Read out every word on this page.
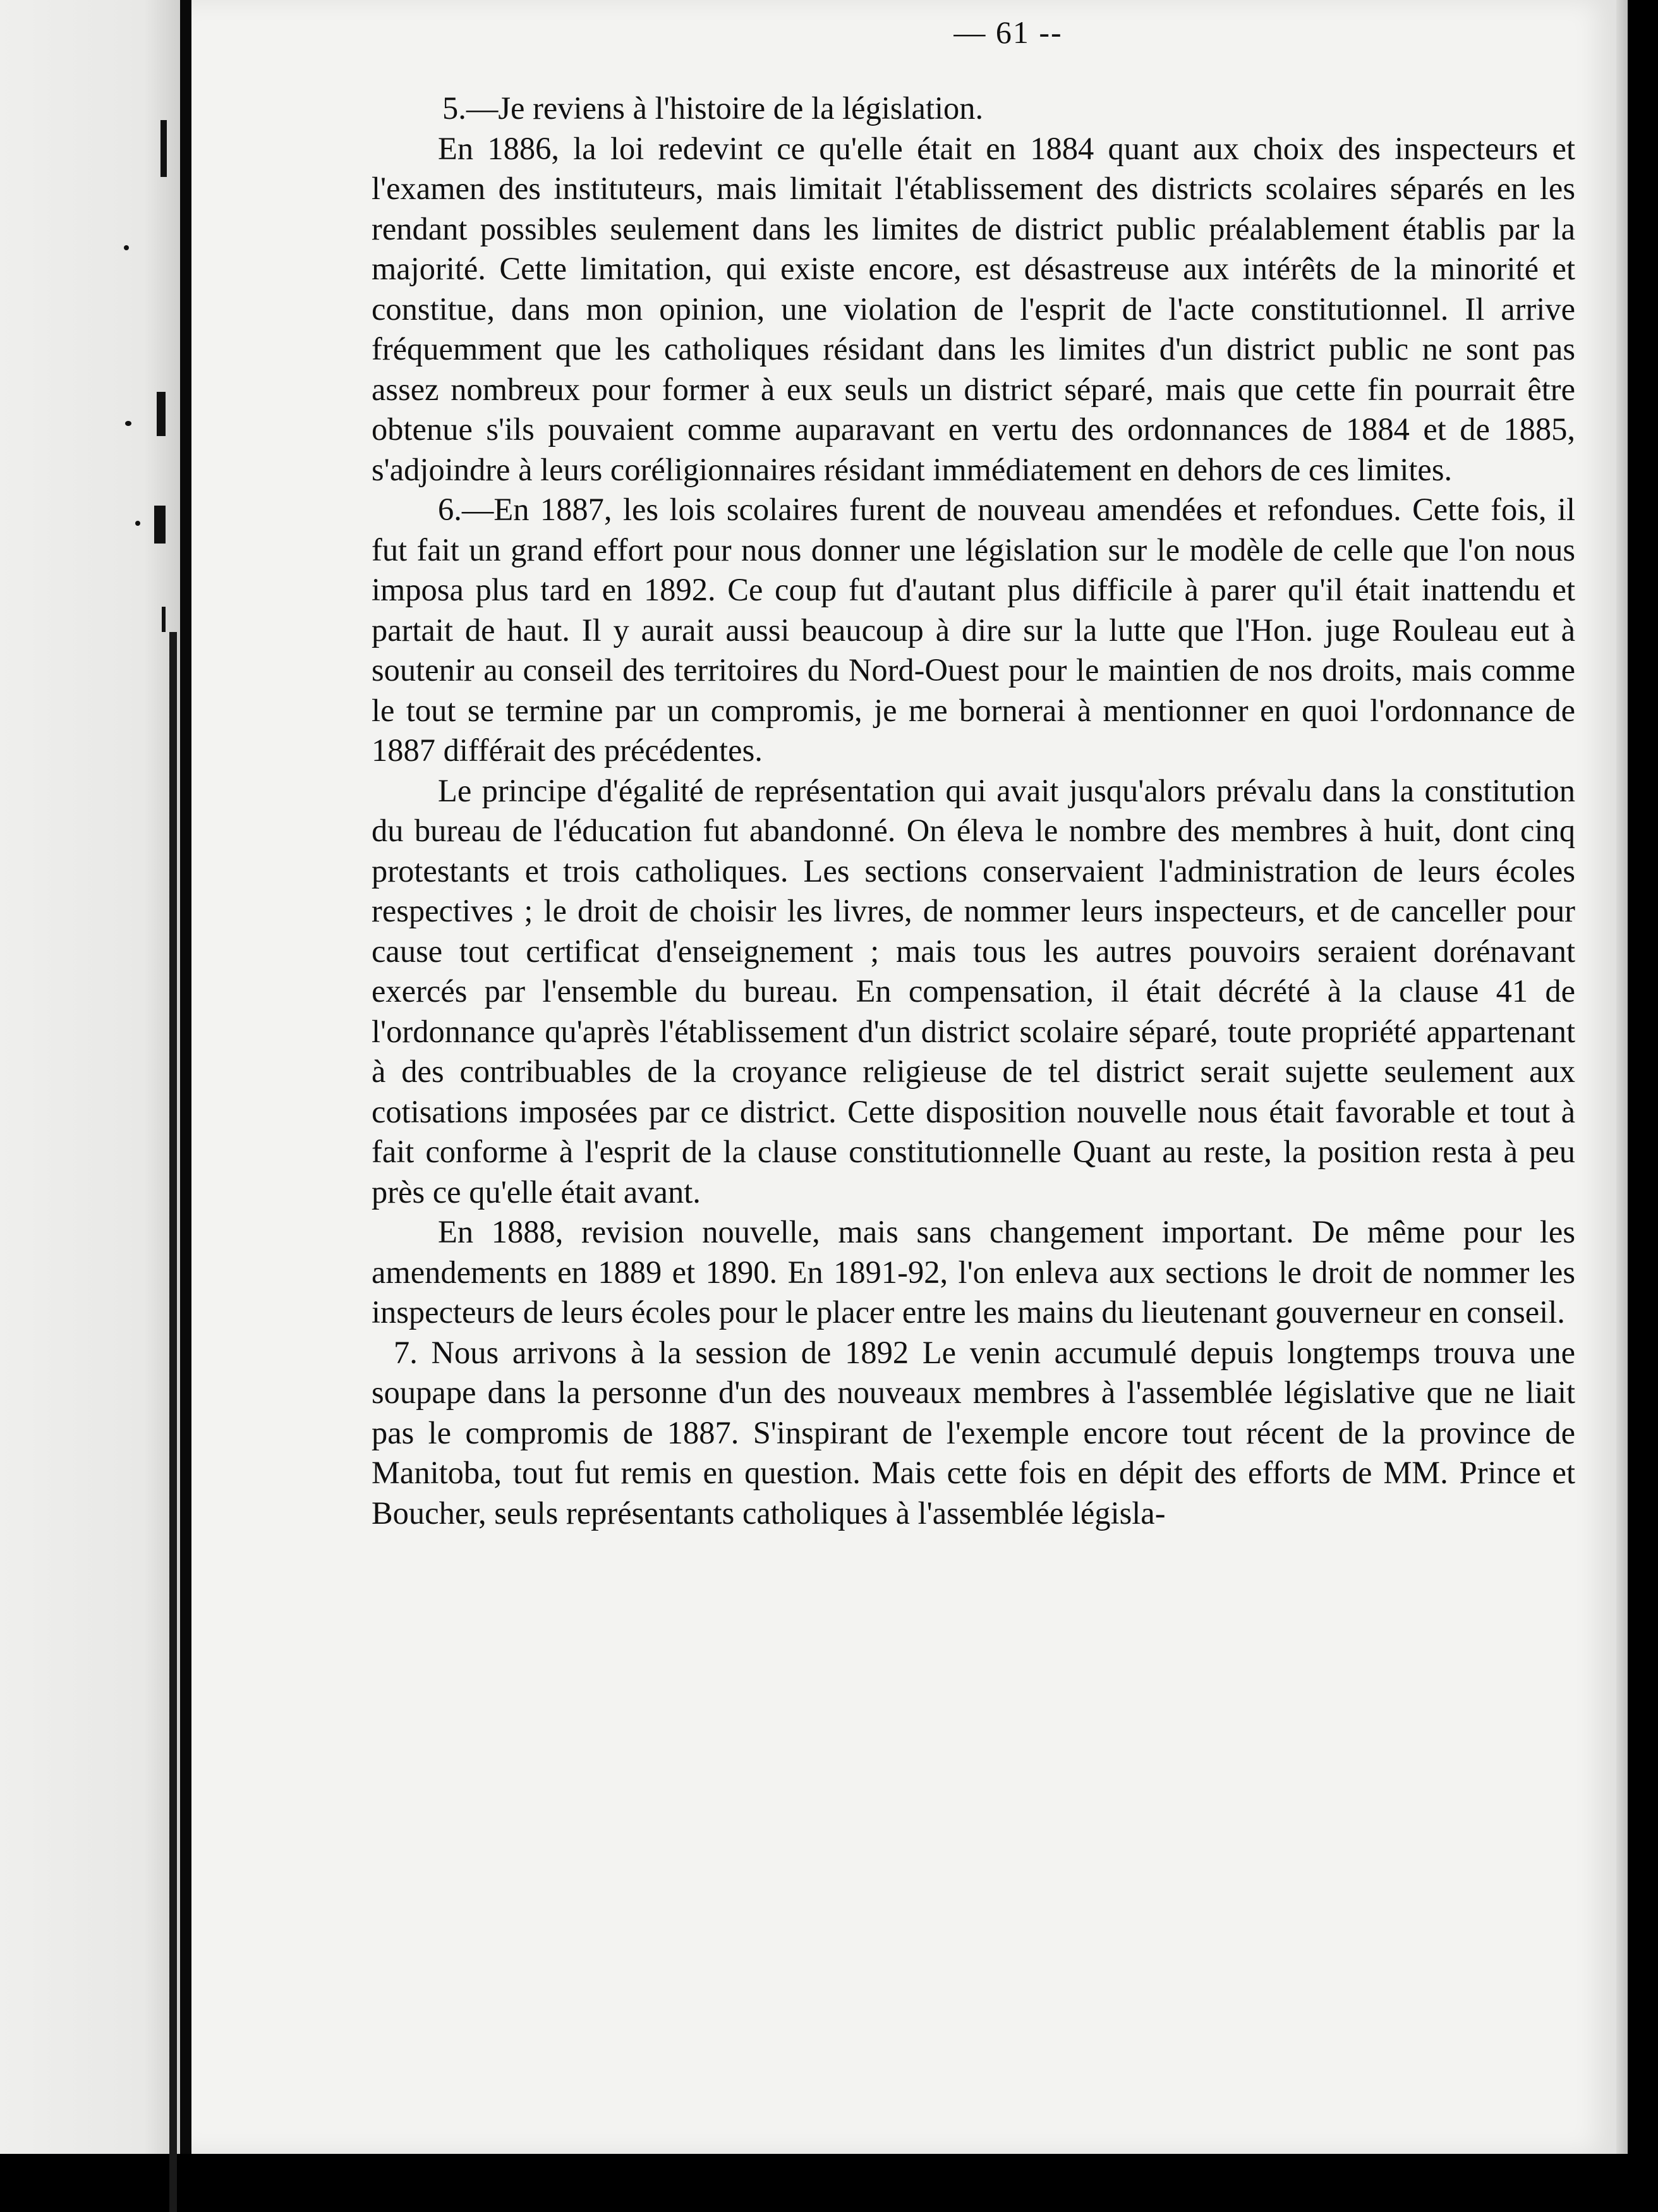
— 61 --

5.—Je reviens à l'histoire de la législation.

En 1886, la loi redevint ce qu'elle était en 1884 quant aux choix des inspecteurs et l'examen des instituteurs, mais limitait l'établissement des districts scolaires séparés en les rendant possibles seulement dans les limites de district public préalablement établis par la majorité. Cette limitation, qui existe encore, est désastreuse aux intérêts de la minorité et constitue, dans mon opinion, une violation de l'esprit de l'acte constitutionnel. Il arrive fréquemment que les catholiques résidant dans les limites d'un district public ne sont pas assez nombreux pour former à eux seuls un district séparé, mais que cette fin pourrait être obtenue s'ils pouvaient comme auparavant en vertu des ordonnances de 1884 et de 1885, s'adjoindre à leurs coréligionnaires résidant immédiatement en dehors de ces limites.

6.—En 1887, les lois scolaires furent de nouveau amendées et refondues. Cette fois, il fut fait un grand effort pour nous donner une législation sur le modèle de celle que l'on nous imposa plus tard en 1892. Ce coup fut d'autant plus difficile à parer qu'il était inattendu et partait de haut. Il y aurait aussi beaucoup à dire sur la lutte que l'Hon. juge Rouleau eut à soutenir au conseil des territoires du Nord-Ouest pour le maintien de nos droits, mais comme le tout se termine par un compromis, je me bornerai à mentionner en quoi l'ordonnance de 1887 différait des précédentes.

Le principe d'égalité de représentation qui avait jusqu'alors prévalu dans la constitution du bureau de l'éducation fut abandonné. On éleva le nombre des membres à huit, dont cinq protestants et trois catholiques. Les sections conservaient l'administration de leurs écoles respectives ; le droit de choisir les livres, de nommer leurs inspecteurs, et de canceller pour cause tout certificat d'enseignement ; mais tous les autres pouvoirs seraient dorénavant exercés par l'ensemble du bureau. En compensation, il était décrété à la clause 41 de l'ordonnance qu'après l'établissement d'un district scolaire séparé, toute propriété appartenant à des contribuables de la croyance religieuse de tel district serait sujette seulement aux cotisations imposées par ce district. Cette disposition nouvelle nous était favorable et tout à fait conforme à l'esprit de la clause constitutionnelle Quant au reste, la position resta à peu près ce qu'elle était avant.

En 1888, revision nouvelle, mais sans changement important. De même pour les amendements en 1889 et 1890. En 1891-92, l'on enleva aux sections le droit de nommer les inspecteurs de leurs écoles pour le placer entre les mains du lieutenant gouverneur en conseil.

7. Nous arrivons à la session de 1892 Le venin accumulé depuis longtemps trouva une soupape dans la personne d'un des nouveaux membres à l'assemblée législative que ne liait pas le compromis de 1887. S'inspirant de l'exemple encore tout récent de la province de Manitoba, tout fut remis en question. Mais cette fois en dépit des efforts de MM. Prince et Boucher, seuls représentants catholiques à l'assemblée législa-
